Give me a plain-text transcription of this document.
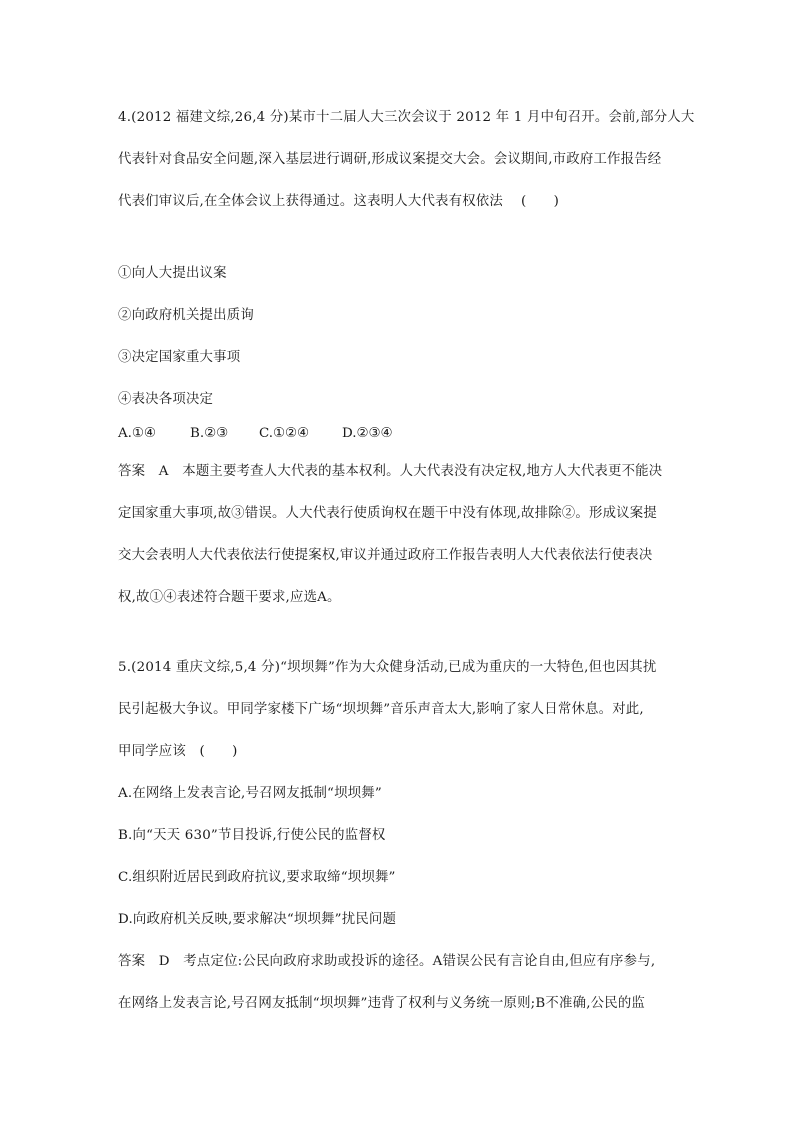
4.(2012 福建文综,26,4 分)某市十二届人大三次会议于 2012 年 1 月中旬召开。会前,部分人大
代表针对食品安全问题,深入基层进行调研,形成议案提交大会。会议期间,市政府工作报告经
代表们审议后,在全体会议上获得通过。这表明人大代表有权依法　 (　　)
①向人大提出议案
②向政府机关提出质询
③决定国家重大事项
④表决各项决定
A.①④	B.②③ C.①②④ D.②③④
答案　A　本题主要考查人大代表的基本权利。人大代表没有决定权,地方人大代表更不能决
定国家重大事项,故③错误。人大代表行使质询权在题干中没有体现,故排除②。形成议案提
交大会表明人大代表依法行使提案权,审议并通过政府工作报告表明人大代表依法行使表决
权,故①④表述符合题干要求,应选A。
5.(2014 重庆文综,5,4 分)“坝坝舞”作为大众健身活动,已成为重庆的一大特色,但也因其扰
民引起极大争议。甲同学家楼下广场“坝坝舞”音乐声音太大,影响了家人日常休息。对此,
甲同学应该　(　　)
A.在网络上发表言论,号召网友抵制“坝坝舞”
B.向“天天 630”节目投诉,行使公民的监督权
C.组织附近居民到政府抗议,要求取缔“坝坝舞”
D.向政府机关反映,要求解决“坝坝舞”扰民问题
答案　D　考点定位:公民向政府求助或投诉的途径。A错误公民有言论自由,但应有序参与,
在网络上发表言论,号召网友抵制“坝坝舞”违背了权利与义务统一原则;B不准确,公民的监
